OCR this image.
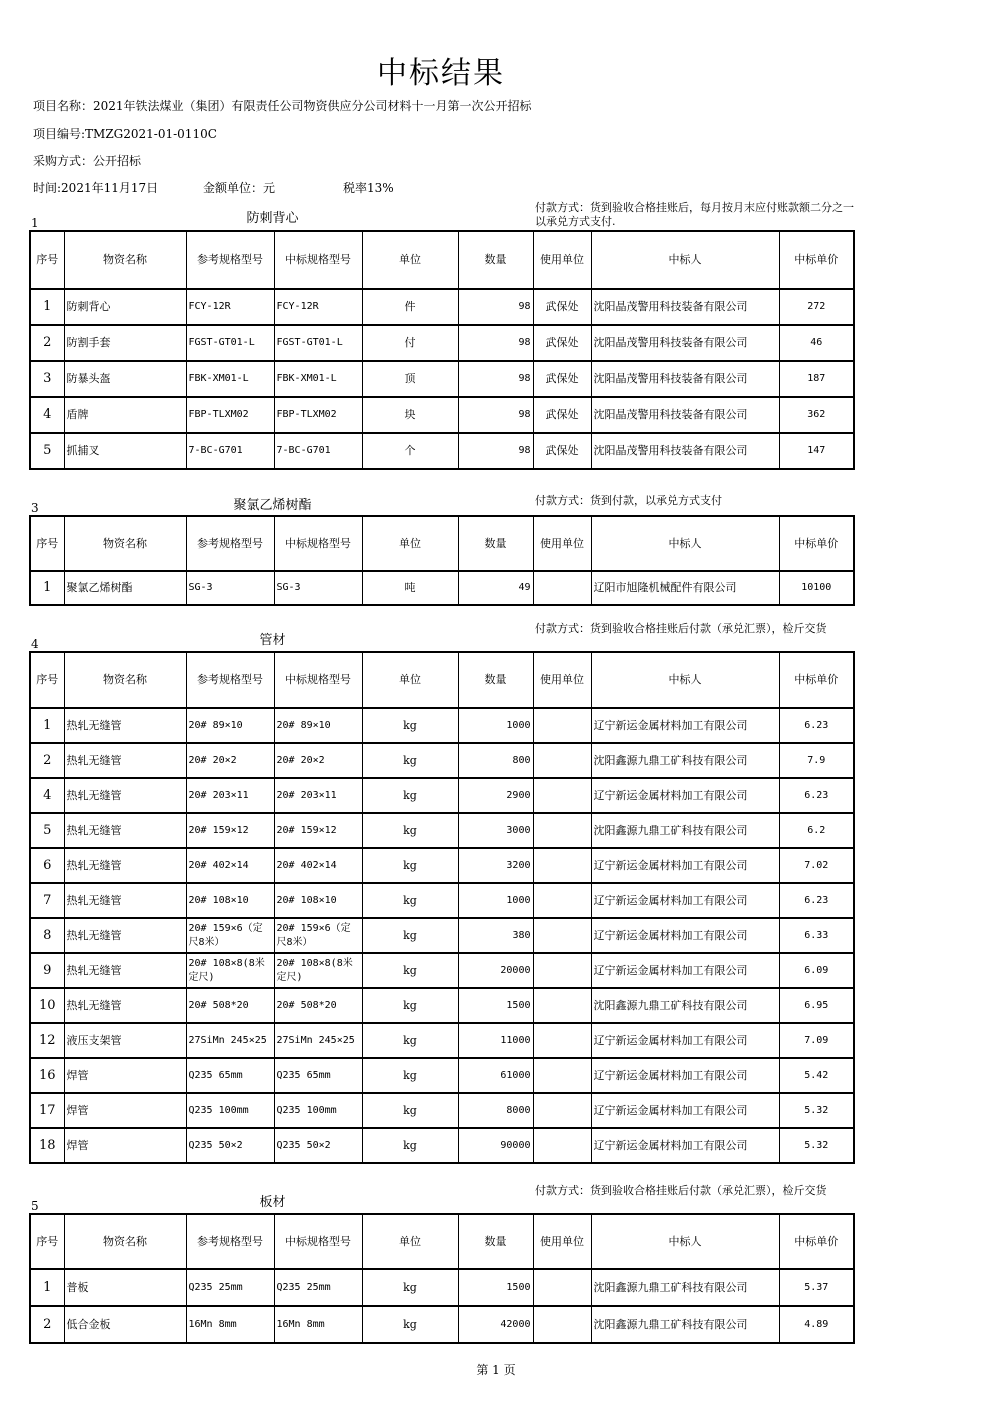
中标结果
项目名称：2021年铁法煤业（集团）有限责任公司物资供应分公司材料十一月第一次公开招标
项目编号:TMZG2021-01-0110C
采购方式：公开招标
时间:2021年11月17日	金额单位：元	税率13%
1	防刺背心
付款方式：货到验收合格挂账后，每月按月末应付账款额二分之一以承兑方式支付.
序号	物资名称	参考规格型号	中标规格型号	单位	数量	使用单位	中标人	中标单价
1	防刺背心	FCY-12R	FCY-12R	件	98	武保处	沈阳晶茂警用科技装备有限公司	272
2	防割手套	FGST-GT01-L	FGST-GT01-L	付	98	武保处	沈阳晶茂警用科技装备有限公司	46
3	防暴头盔	FBK-XM01-L	FBK-XM01-L	顶	98	武保处	沈阳晶茂警用科技装备有限公司	187
4	盾牌	FBP-TLXM02	FBP-TLXM02	块	98	武保处	沈阳晶茂警用科技装备有限公司	362
5	抓捕叉	7-BC-G701	7-BC-G701	个	98	武保处	沈阳晶茂警用科技装备有限公司	147
3	聚氯乙烯树酯	付款方式：货到付款，以承兑方式支付
序号	物资名称	参考规格型号	中标规格型号	单位	数量	使用单位	中标人	中标单价
1	聚氯乙烯树酯	SG-3	SG-3	吨	49		辽阳市旭隆机械配件有限公司	10100
4	管材
付款方式：货到验收合格挂账后付款（承兑汇票），检斤交货
序号	物资名称	参考规格型号	中标规格型号	单位	数量	使用单位	中标人	中标单价
1	热轧无缝管	20# 89×10	20# 89×10	kg	1000		辽宁新运金属材料加工有限公司	6.23
2	热轧无缝管	20# 20×2	20# 20×2	kg	800		沈阳鑫源九鼎工矿科技有限公司	7.9
4	热轧无缝管	20# 203×11	20# 203×11	kg	2900		辽宁新运金属材料加工有限公司	6.23
5	热轧无缝管	20# 159×12	20# 159×12	kg	3000		沈阳鑫源九鼎工矿科技有限公司	6.2
6	热轧无缝管	20# 402×14	20# 402×14	kg	3200		辽宁新运金属材料加工有限公司	7.02
7	热轧无缝管	20# 108×10	20# 108×10	kg	1000		辽宁新运金属材料加工有限公司	6.23
8	热轧无缝管	20# 159×6（定尺8米）	20# 159×6（定尺8米）	kg	380		辽宁新运金属材料加工有限公司	6.33
9	热轧无缝管	20# 108×8(8米定尺)	20# 108×8(8米定尺)	kg	20000		辽宁新运金属材料加工有限公司	6.09
10	热轧无缝管	20# 508*20	20# 508*20	kg	1500		沈阳鑫源九鼎工矿科技有限公司	6.95
12	液压支架管	27SiMn 245×25	27SiMn 245×25	kg	11000		辽宁新运金属材料加工有限公司	7.09
16	焊管	Q235 65mm	Q235 65mm	kg	61000		辽宁新运金属材料加工有限公司	5.42
17	焊管	Q235 100mm	Q235 100mm	kg	8000		辽宁新运金属材料加工有限公司	5.32
18	焊管	Q235 50×2	Q235 50×2	kg	90000		辽宁新运金属材料加工有限公司	5.32
5	板材
付款方式：货到验收合格挂账后付款（承兑汇票），检斤交货
序号	物资名称	参考规格型号	中标规格型号	单位	数量	使用单位	中标人	中标单价
1	普板	Q235 25mm	Q235 25mm	kg	1500		沈阳鑫源九鼎工矿科技有限公司	5.37
2	低合金板	16Mn 8mm	16Mn 8mm	kg	42000		沈阳鑫源九鼎工矿科技有限公司	4.89
第 1 页
